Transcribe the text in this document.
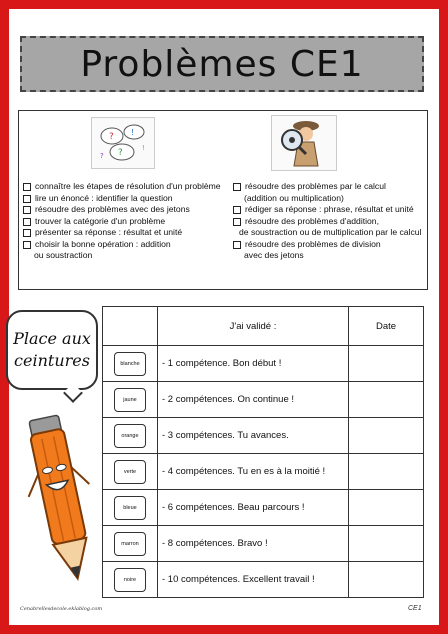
Problèmes CE1
? !
?
?
!
connaître les étapes de résolution d'un problème
lire un énoncé : identifier la question
résoudre des problèmes avec des jetons
trouver la catégorie d'un problème
présenter sa réponse : résultat et unité
choisir la bonne opération : addition
ou soustraction
résoudre des problèmes par le calcul
(addition ou multiplication)
rédiger sa réponse : phrase, résultat et unité
résoudre des problèmes d'addition,
de soustraction ou de multiplication par le calcul
résoudre des problèmes de division
avec des jetons
Place aux
ceintures
	J'ai validé :	Date
blanche	- 1 compétence. Bon début !	
jaune	- 2 compétences. On continue !	
orange	- 3 compétences. Tu avances.	
verte	- 4 compétences. Tu en es à la moitié !	
bleue	- 6 compétences. Beau parcours !	
marron	- 8 compétences. Bravo !	
noire	- 10 compétences. Excellent travail !	
Cenabrellesdecole.eklablog.com	CE1
